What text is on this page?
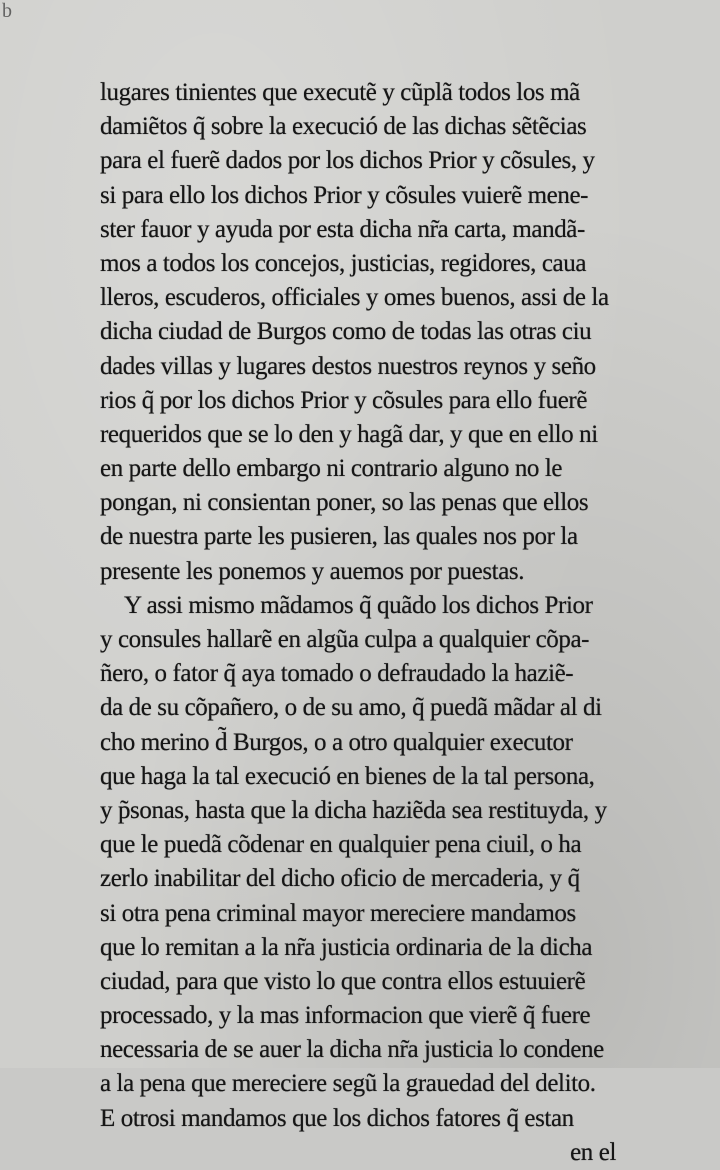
b
lugares tinientes que executẽ y cũplã todos los mã
damiẽtos q̃ sobre la execució de las dichas sẽtẽcias
para el fuerẽ dados por los dichos Prior y cõsules, y
si para ello los dichos Prior y cõsules vuierẽ mene-
ster fauor y ayuda por esta dicha nr̃a carta, mandã-
mos a todos los concejos, justicias, regidores, caua
lleros, escuderos, officiales y omes buenos, assi de la
dicha ciudad de Burgos como de todas las otras ciu
dades villas y lugares destos nuestros reynos y seño
rios q̃ por los dichos Prior y cõsules para ello fuerẽ
requeridos que se lo den y hagã dar, y que en ello ni
en parte dello embargo ni contrario alguno no le
pongan, ni consientan poner, so las penas que ellos
de nuestra parte les pusieren, las quales nos por la
presente les ponemos y auemos por puestas.
Y assi mismo mãdamos q̃ quãdo los dichos Prior
y consules hallarẽ en algũa culpa a qualquier cõpa-
ñero, o fator q̃ aya tomado o defraudado la haziẽ-
da de su cõpañero, o de su amo, q̃ puedã mãdar al di
cho merino d̃ Burgos, o a otro qualquier executor
que haga la tal execució en bienes de la tal persona,
y p̃sonas, hasta que la dicha haziẽda sea restituyda, y
que le puedã cõdenar en qualquier pena ciuil, o ha
zerlo inabilitar del dicho oficio de mercaderia, y q̃
si otra pena criminal mayor mereciere mandamos
que lo remitan a la nr̃a justicia ordinaria de la dicha
ciudad, para que visto lo que contra ellos estuuierẽ
processado, y la mas informacion que vierẽ q̃ fuere
necessaria de se auer la dicha nr̃a justicia lo condene
a la pena que mereciere segũ la grauedad del delito.
E otrosi mandamos que los dichos fatores q̃ estan
en el
